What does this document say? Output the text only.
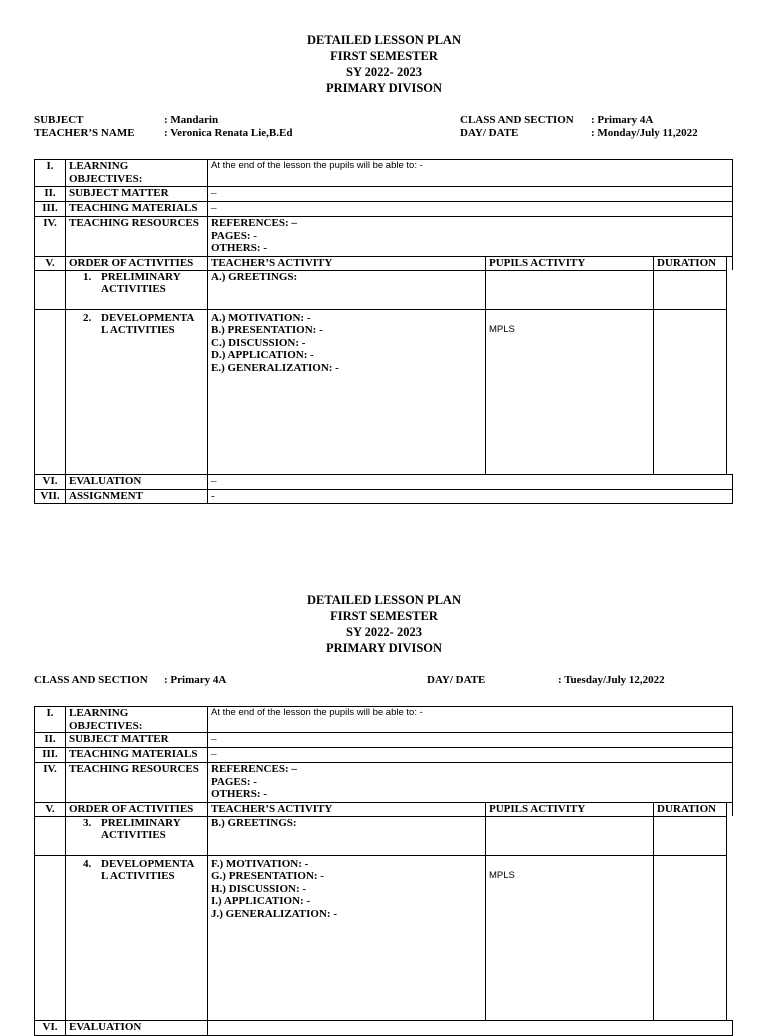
DETAILED LESSON PLAN
FIRST SEMESTER
SY 2022- 2023
PRIMARY DIVISON
SUBJECT	: Mandarin
TEACHER’S NAME	: Veronica Renata Lie,B.Ed
CLASS AND SECTION : Primary 4A
DAY/ DATE	: Monday/July 11,2022
I.	LEARNING OBJECTIVES:	At the end of the lesson the pupils will be able to: -			
II.	SUBJECT MATTER	–			
III.	TEACHING MATERIALS	–			
IV.	TEACHING RESOURCES	REFERENCES: –
PAGES: -
OTHERS: -			

V.	ORDER OF ACTIVITIES	TEACHER’S ACTIVITY	PUPILS ACTIVITY	DURATION	

	1. PRELIMINARY ACTIVITIES	A.) GREETINGS:			

	2. DEVELOPMENTA L ACTIVITIES	A.) MOTIVATION: -
B.) PRESENTATION: -
C.) DISCUSSION: -
D.) APPLICATION: -
E.) GENERALIZATION: -	MPLS		
VI.	EVALUATION	–			
VII.	ASSIGNMENT	-			
DETAILED LESSON PLAN
FIRST SEMESTER
SY 2022- 2023
PRIMARY DIVISON
CLASS AND SECTION : Primary 4A	DAY/ DATE	: Tuesday/July 12,2022
I.	LEARNING OBJECTIVES:	At the end of the lesson the pupils will be able to: -			
II.	SUBJECT MATTER	–			
III.	TEACHING MATERIALS	–			
IV.	TEACHING RESOURCES	REFERENCES: –
PAGES: -
OTHERS: -			

V.	ORDER OF ACTIVITIES	TEACHER’S ACTIVITY	PUPILS ACTIVITY	DURATION	

	3. PRELIMINARY ACTIVITIES	B.) GREETINGS:			

	4. DEVELOPMENTA L ACTIVITIES	F.) MOTIVATION: -
G.) PRESENTATION: -
H.) DISCUSSION: -
I.) APPLICATION: -
J.) GENERALIZATION: -	MPLS		
VI.	EVALUATION				
